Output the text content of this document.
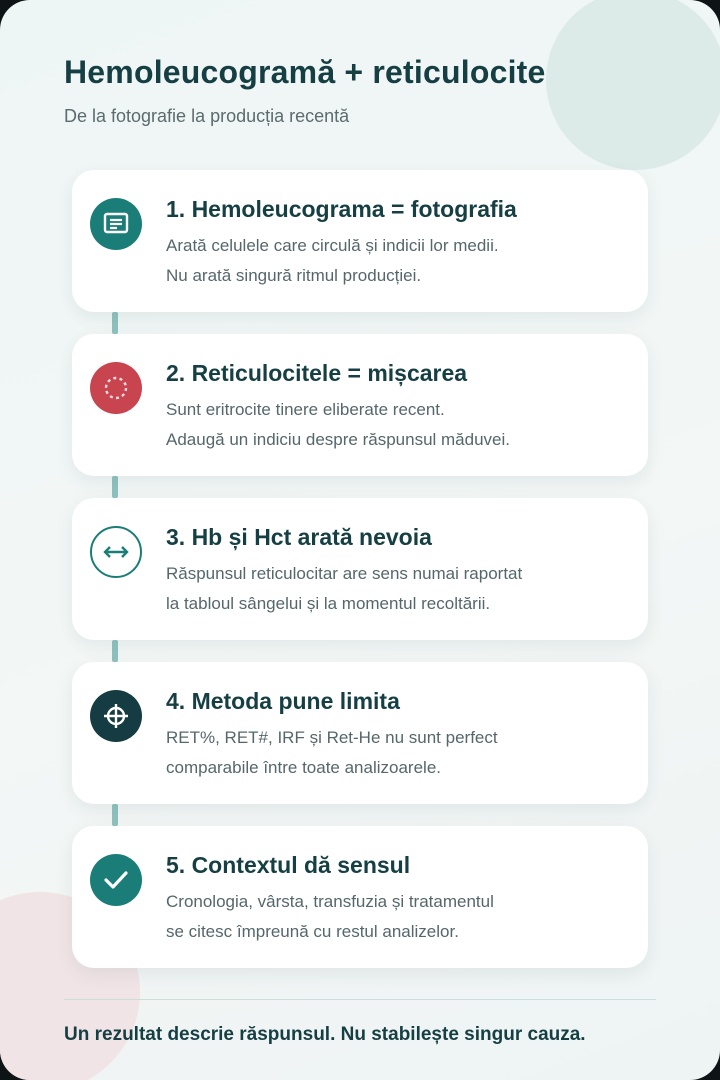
Hemoleucogramă + reticulocite
De la fotografie la producția recentă
1. Hemoleucograma = fotografia
Arată celulele care circulă și indicii lor medii.
Nu arată singură ritmul producției.
2. Reticulocitele = mișcarea
Sunt eritrocite tinere eliberate recent.
Adaugă un indiciu despre răspunsul măduvei.
3. Hb și Hct arată nevoia
Răspunsul reticulocitar are sens numai raportat
la tabloul sângelui și la momentul recoltării.
4. Metoda pune limita
RET%, RET#, IRF și Ret-He nu sunt perfect
comparabile între toate analizoarele.
5. Contextul dă sensul
Cronologia, vârsta, transfuzia și tratamentul
se citesc împreună cu restul analizelor.
Un rezultat descrie răspunsul. Nu stabilește singur cauza.
